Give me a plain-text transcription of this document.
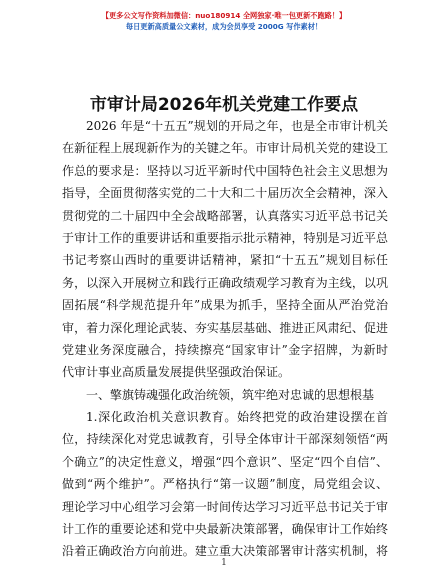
【更多公文写作资料加微信：nuo180914 全网独家·唯一包更新不跑路！】
每日更新高质量公文素材，成为会员享受 2000G 写作素材！
市审计局2026年机关党建工作要点
2026 年是“十五五”规划的开局之年，也是全市审计机关
在新征程上展现新作为的关键之年。市审计局机关党的建设工
作总的要求是：坚持以习近平新时代中国特色社会主义思想为
指导，全面贯彻落实党的二十大和二十届历次全会精神，深入
贯彻党的二十届四中全会战略部署，认真落实习近平总书记关
于审计工作的重要讲话和重要指示批示精神，特别是习近平总
书记考察山西时的重要讲话精神，紧扣“十五五”规划目标任
务，以深入开展树立和践行正确政绩观学习教育为主线，以巩
固拓展“科学规范提升年”成果为抓手，坚持全面从严治党治
审，着力深化理论武装、夯实基层基础、推进正风肃纪、促进
党建业务深度融合，持续擦亮“国家审计”金字招牌，为新时
代审计事业高质量发展提供坚强政治保证。
一、擎旗铸魂强化政治统领，筑牢绝对忠诚的思想根基
1.深化政治机关意识教育。始终把党的政治建设摆在首
位，持续深化对党忠诚教育，引导全体审计干部深刻领悟“两
个确立”的决定性意义，增强“四个意识”、坚定“四个自信”、
做到“两个维护”。严格执行“第一议题”制度，局党组会议、
理论学习中心组学习会第一时间传达学习习近平总书记关于审
计工作的重要论述和党中央最新决策部署，确保审计工作始终
沿着正确政治方向前进。建立重大决策部署审计落实机制，将
1
